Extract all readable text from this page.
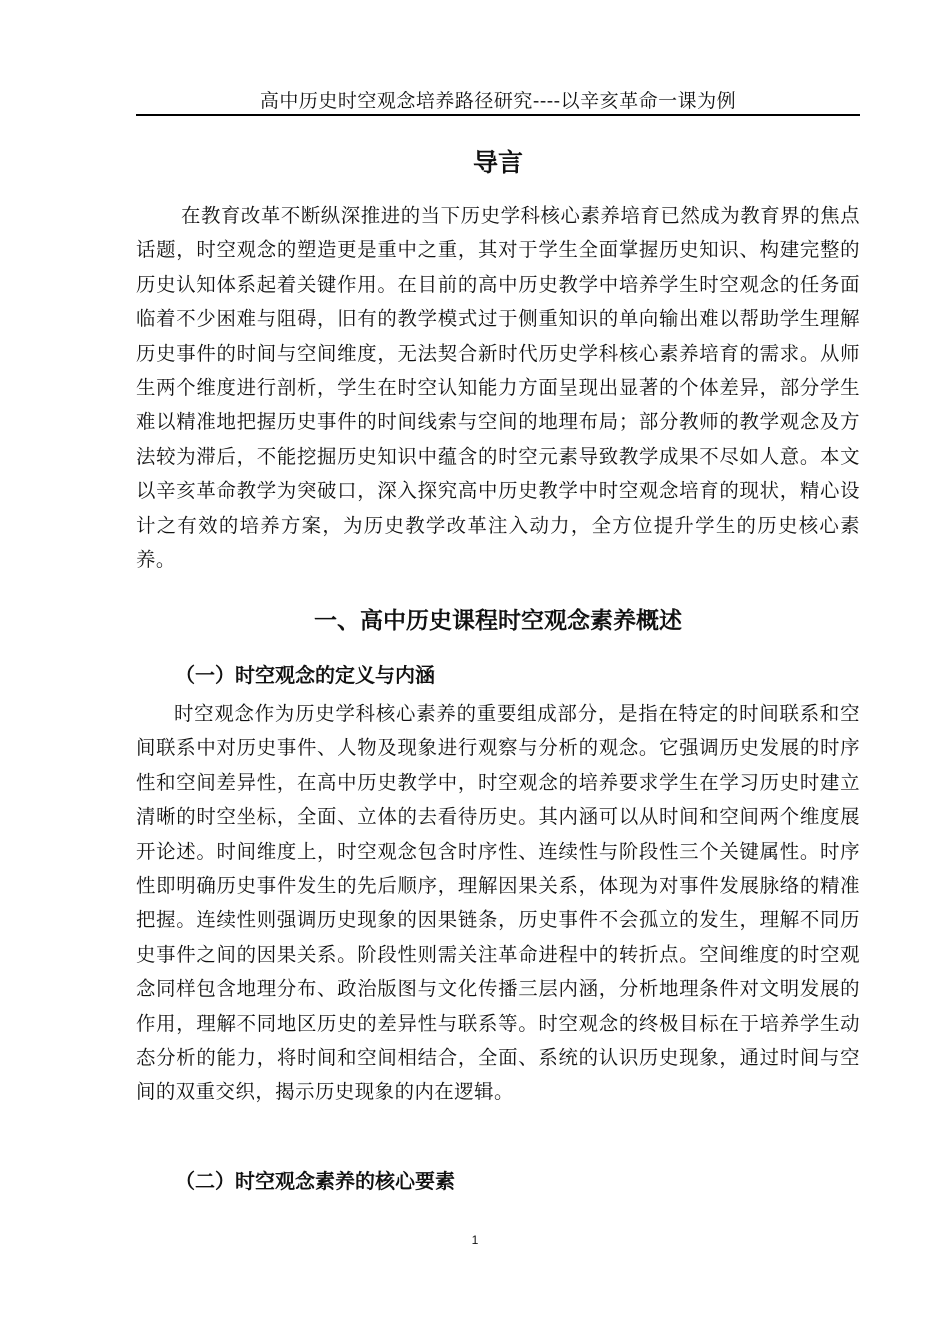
高中历史时空观念培养路径研究----以辛亥革命一课为例
导言

在教育改革不断纵深推进的当下历史学科核心素养培育已然成为教育界的焦点话题，时空观念的塑造更是重中之重，其对于学生全面掌握历史知识、构建完整的历史认知体系起着关键作用。在目前的高中历史教学中培养学生时空观念的任务面临着不少困难与阻碍，旧有的教学模式过于侧重知识的单向输出难以帮助学生理解历史事件的时间与空间维度，无法契合新时代历史学科核心素养培育的需求。从师生两个维度进行剖析，学生在时空认知能力方面呈现出显著的个体差异，部分学生难以精准地把握历史事件的时间线索与空间的地理布局；部分教师的教学观念及方法较为滞后，不能挖掘历史知识中蕴含的时空元素导致教学成果不尽如人意。本文以辛亥革命教学为突破口，深入探究高中历史教学中时空观念培育的现状，精心设计之有效的培养方案，为历史教学改革注入动力，全方位提升学生的历史核心素养。

一、高中历史课程时空观念素养概述
（一）时空观念的定义与内涵

时空观念作为历史学科核心素养的重要组成部分，是指在特定的时间联系和空间联系中对历史事件、人物及现象进行观察与分析的观念。它强调历史发展的时序性和空间差异性，在高中历史教学中，时空观念的培养要求学生在学习历史时建立清晰的时空坐标，全面、立体的去看待历史。其内涵可以从时间和空间两个维度展开论述。时间维度上，时空观念包含时序性、连续性与阶段性三个关键属性。时序性即明确历史事件发生的先后顺序，理解因果关系，体现为对事件发展脉络的精准把握。连续性则强调历史现象的因果链条，历史事件不会孤立的发生，理解不同历史事件之间的因果关系。阶段性则需关注革命进程中的转折点。空间维度的时空观念同样包含地理分布、政治版图与文化传播三层内涵，分析地理条件对文明发展的作用，理解不同地区历史的差异性与联系等。时空观念的终极目标在于培养学生动态分析的能力，将时间和空间相结合，全面、系统的认识历史现象，通过时间与空间的双重交织，揭示历史现象的内在逻辑。

（二）时空观念素养的核心要素
1
